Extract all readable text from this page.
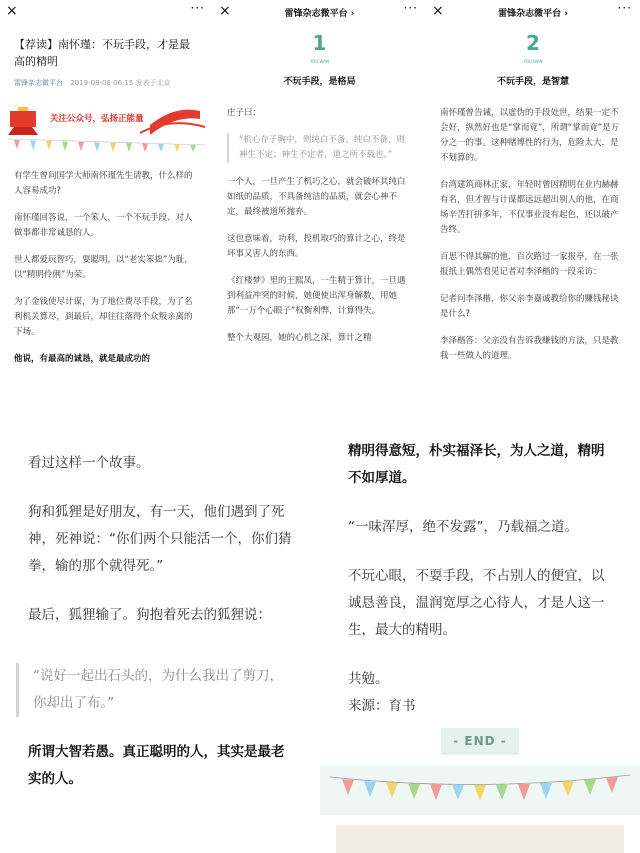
×	···
【荐读】南怀瑾：不玩手段，才是最高的精明
雷锋杂志微平台 2019-08-08 06:15 发表于北京
关注公众号，弘扬正能量

有学生曾问国学大师南怀瑾先生请教，什么样的人容易成功?

南怀瑾回答说，一个笨人，一个不玩手段、对人做事都非常诚恳的人。

世人都爱玩智巧，耍聪明，以“老实笨拙”为耻，以“精明伶俐”为荣。

为了金钱使尽计谋，为了地位费尽手段，为了名利机关算尽，到最后，却往往落得个众叛亲离的下场。

他说，有最高的诚恳，就是最成功的

×	雷锋杂志微平台 ›	···
1
YOU WAN
不玩手段，是格局

庄子曰：

“机心存于胸中，则纯白不备。纯白不备，则神生不定；神生不定者，道之所不载也。”

一个人，一旦产生了机巧之心，就会破坏其纯白如纸的品质，不具备纯洁的品质，就会心神不定，最终被道所抛弃。

这也意味着，功利，投机取巧的算计之心，终是坏事又害人的东西。

《红楼梦》里的王熙凤，一生精于算计，一旦遇到利益冲突的时候，她便使出浑身解数，用她那“一万个心眼子”权衡利弊，计算得失。

整个大观园，她的心机之深，算计之精

×	雷锋杂志微平台 ›	···
2
YOU WAN
不玩手段，是智慧

南怀瑾曾告诫，以虚伪的手段处世，结果一定不会好，纵然好也是“掌而竟”，所谓“掌而竟”是万分之一的事。这种赌博性的行为，危险太大，是不划算的。

台湾建筑商林正家，年轻时曾因精明在业内赫赫有名，但才智与计谋都远远超出别人的他，在商场辛苦打拼多年，不仅事业没有起色，还以破产告终。

百思不得其解的他，百次路过一家报亭，在一张报纸上偶然看见记者对李泽楷的一段采访：

记者问李泽楷，你父亲李嘉诚教给你的赚钱秘诀是什么?

李泽楷答：父亲没有告诉我赚钱的方法，只是教我一些做人的道理。

看过这样一个故事。

狗和狐狸是好朋友，有一天，他们遇到了死神，死神说：“你们两个只能活一个，你们猜拳，输的那个就得死。”

最后，狐狸输了。狗抱着死去的狐狸说：

“说好一起出石头的，为什么我出了剪刀，你却出了布。”

所谓大智若愚。真正聪明的人，其实是最老实的人。

精明得意短，朴实福泽长，为人之道，精明不如厚道。

“一味浑厚，绝不发露”，乃载福之道。

不玩心眼，不耍手段，不占别人的便宜，以诚恳善良，温润宽厚之心待人，才是人这一生，最大的精明。

共勉。

来源：育书

- END -
